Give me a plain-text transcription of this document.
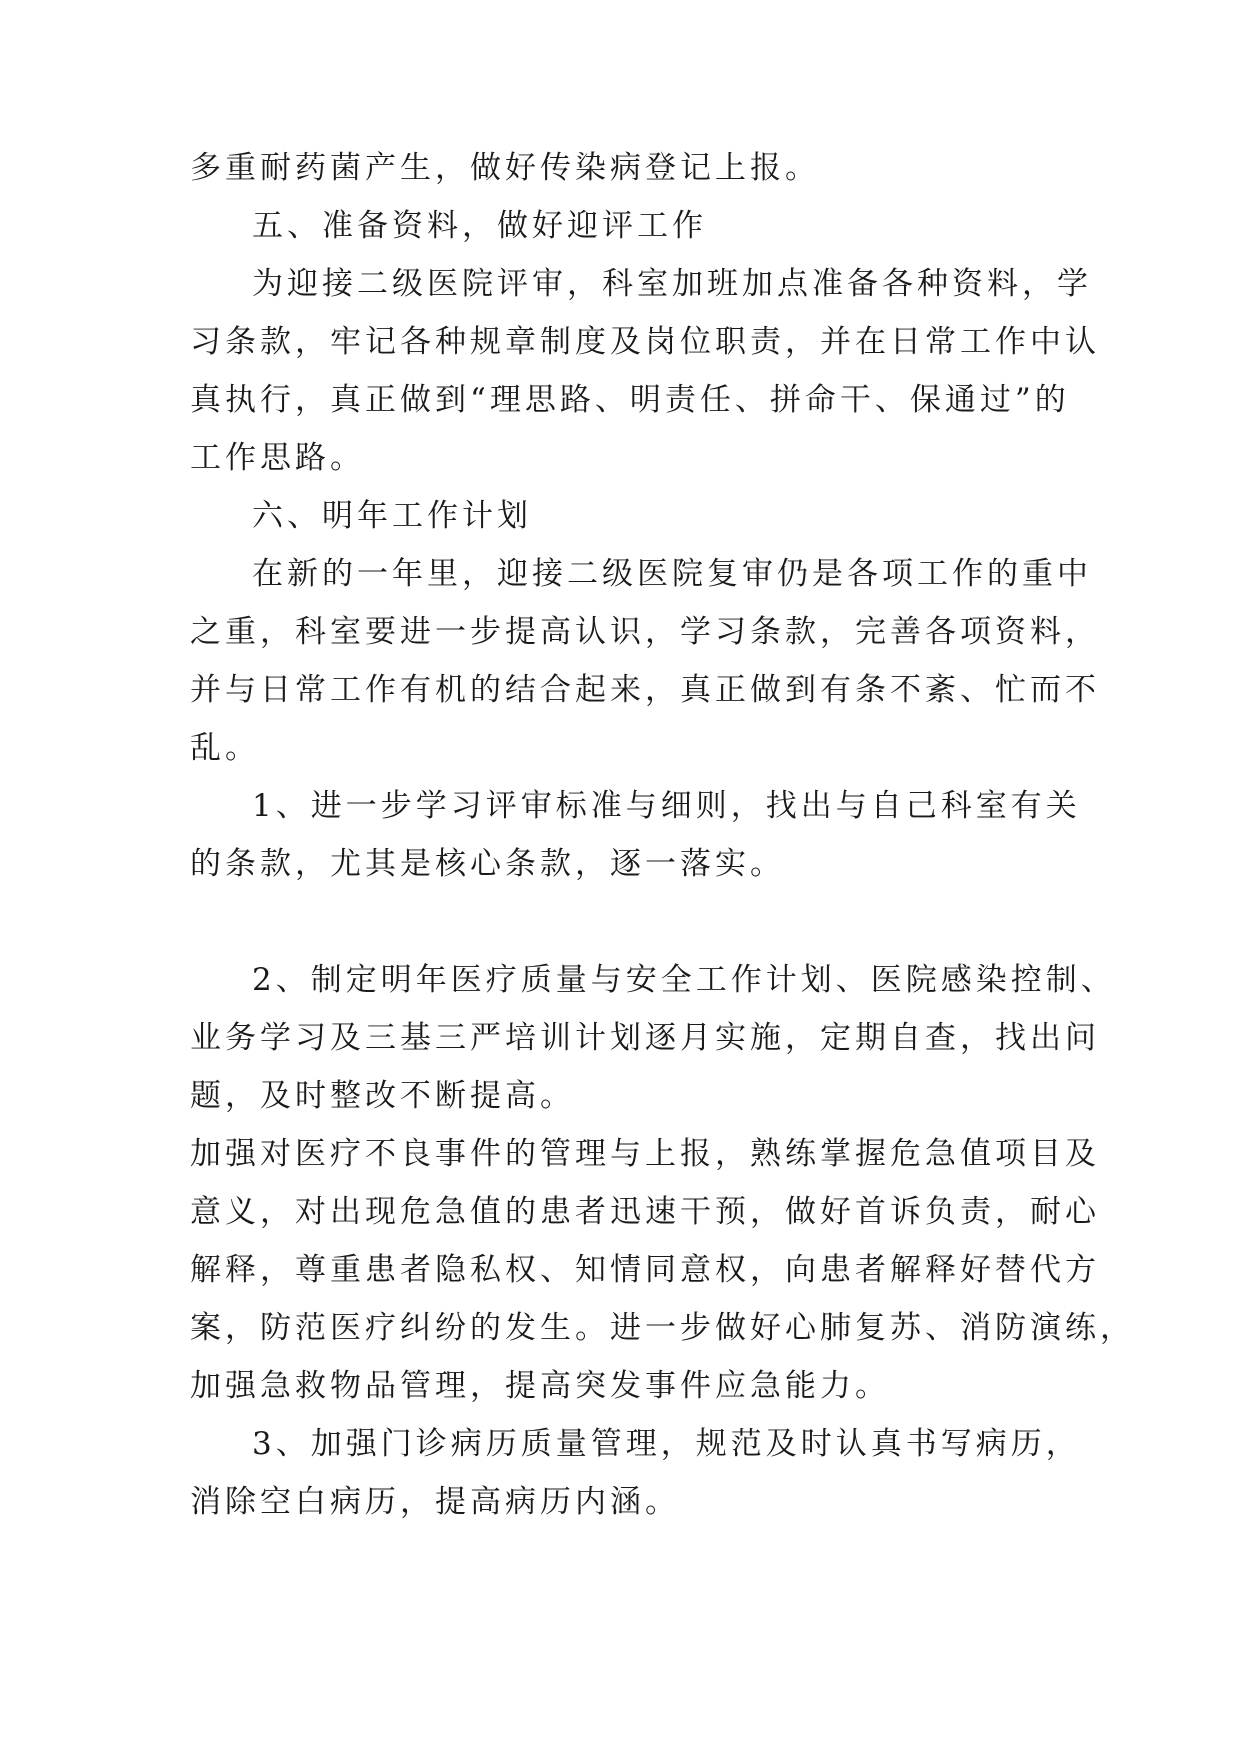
多重耐药菌产生，做好传染病登记上报。

五、准备资料，做好迎评工作

为迎接二级医院评审，科室加班加点准备各种资料，学

习条款，牢记各种规章制度及岗位职责，并在日常工作中认

真执行，真正做到“理思路、明责任、拼命干、保通过”的

工作思路。

六、明年工作计划

在新的一年里，迎接二级医院复审仍是各项工作的重中

之重，科室要进一步提高认识，学习条款，完善各项资料，

并与日常工作有机的结合起来，真正做到有条不紊、忙而不

乱。

1、进一步学习评审标准与细则，找出与自己科室有关

的条款，尤其是核心条款，逐一落实。

2、制定明年医疗质量与安全工作计划、医院感染控制、

业务学习及三基三严培训计划逐月实施，定期自查，找出问

题，及时整改不断提高。

加强对医疗不良事件的管理与上报，熟练掌握危急值项目及

意义，对出现危急值的患者迅速干预，做好首诉负责，耐心

解释，尊重患者隐私权、知情同意权，向患者解释好替代方

案，防范医疗纠纷的发生。进一步做好心肺复苏、消防演练，

加强急救物品管理，提高突发事件应急能力。

3、加强门诊病历质量管理，规范及时认真书写病历，

消除空白病历，提高病历内涵。
